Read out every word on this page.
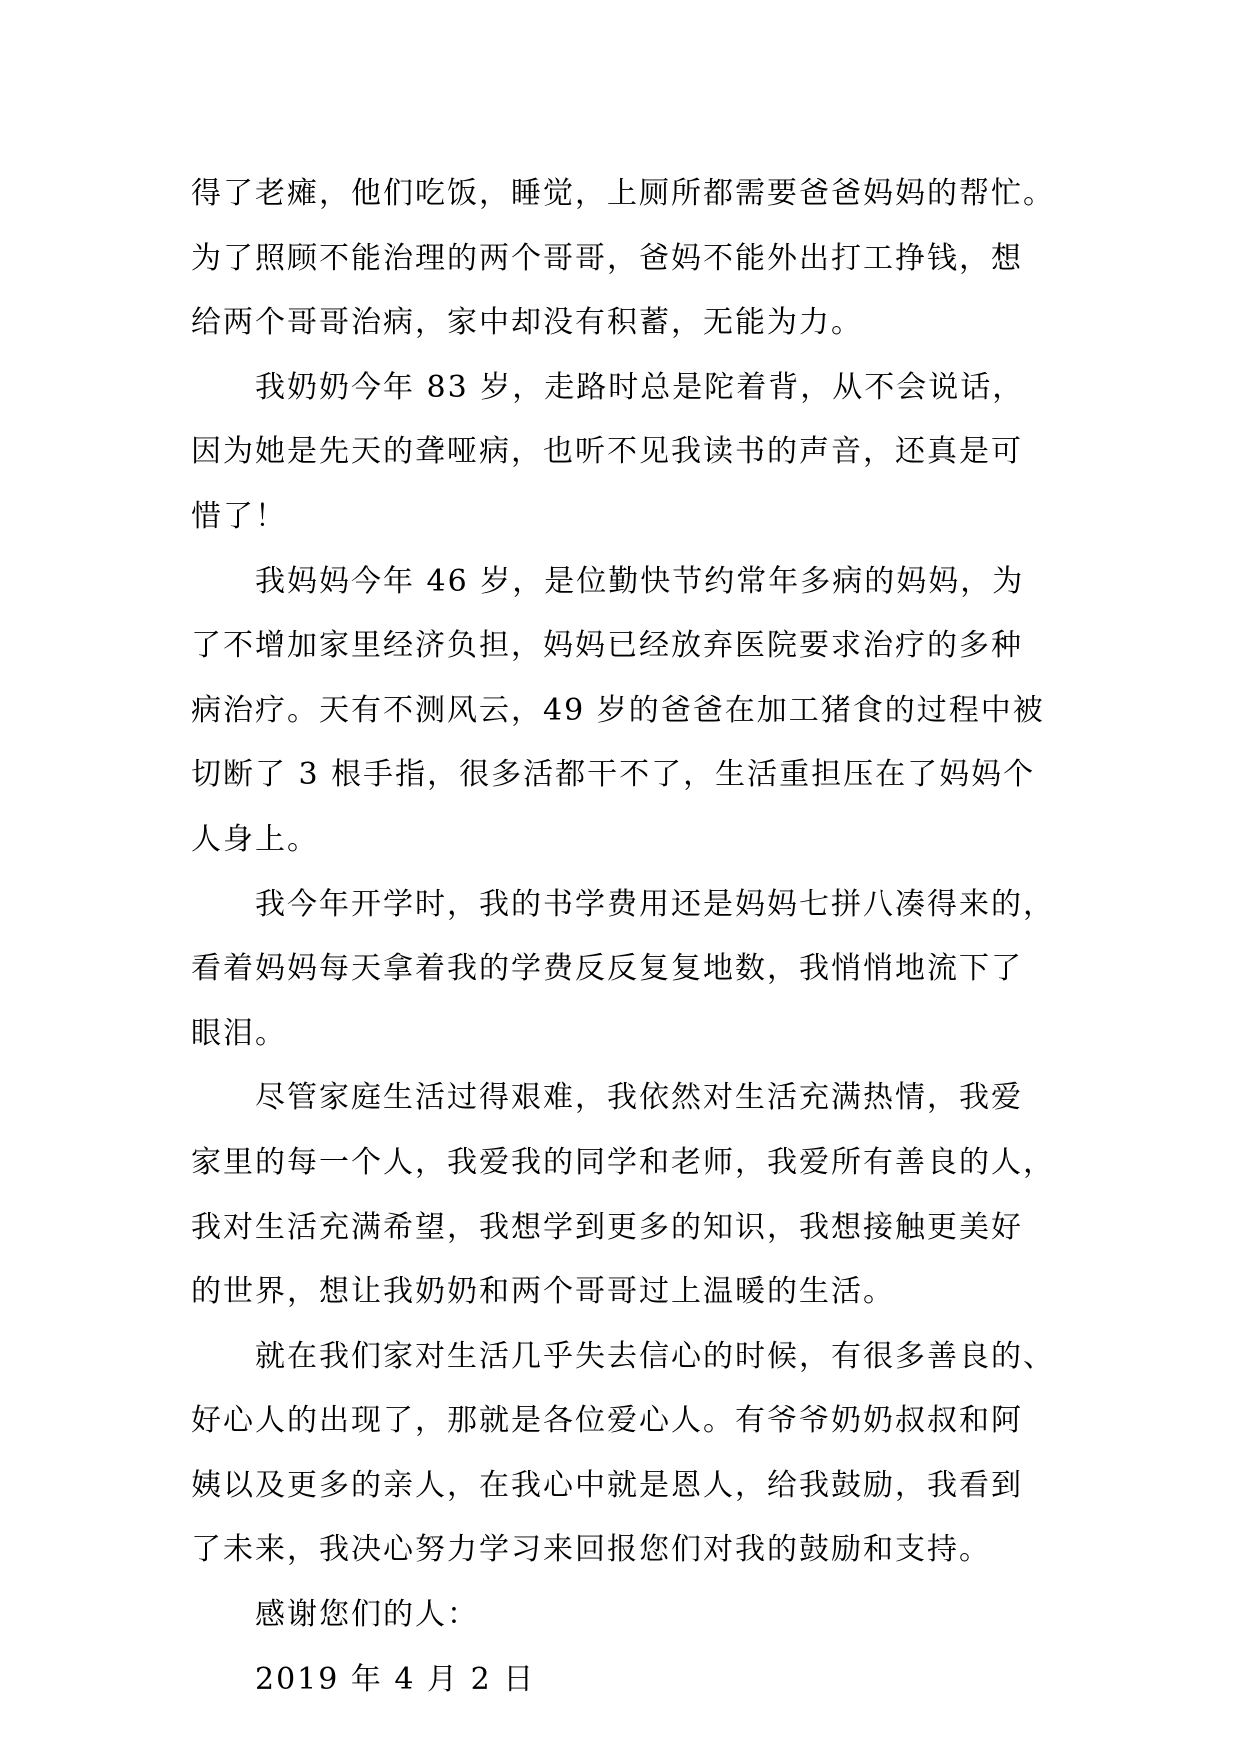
得了老瘫，他们吃饭，睡觉，上厕所都需要爸爸妈妈的帮忙。
为了照顾不能治理的两个哥哥，爸妈不能外出打工挣钱，想
给两个哥哥治病，家中却没有积蓄，无能为力。
我奶奶今年 83 岁，走路时总是陀着背，从不会说话，
因为她是先天的聋哑病，也听不见我读书的声音，还真是可
惜了！
我妈妈今年 46 岁，是位勤快节约常年多病的妈妈，为
了不增加家里经济负担，妈妈已经放弃医院要求治疗的多种
病治疗。天有不测风云，49 岁的爸爸在加工猪食的过程中被
切断了 3 根手指，很多活都干不了，生活重担压在了妈妈个
人身上。
我今年开学时，我的书学费用还是妈妈七拼八凑得来的，
看着妈妈每天拿着我的学费反反复复地数，我悄悄地流下了
眼泪。
尽管家庭生活过得艰难，我依然对生活充满热情，我爱
家里的每一个人，我爱我的同学和老师，我爱所有善良的人，
我对生活充满希望，我想学到更多的知识，我想接触更美好
的世界，想让我奶奶和两个哥哥过上温暖的生活。
就在我们家对生活几乎失去信心的时候，有很多善良的、
好心人的出现了，那就是各位爱心人。有爷爷奶奶叔叔和阿
姨以及更多的亲人，在我心中就是恩人，给我鼓励，我看到
了未来，我决心努力学习来回报您们对我的鼓励和支持。
感谢您们的人：
2019 年 4 月 2 日
